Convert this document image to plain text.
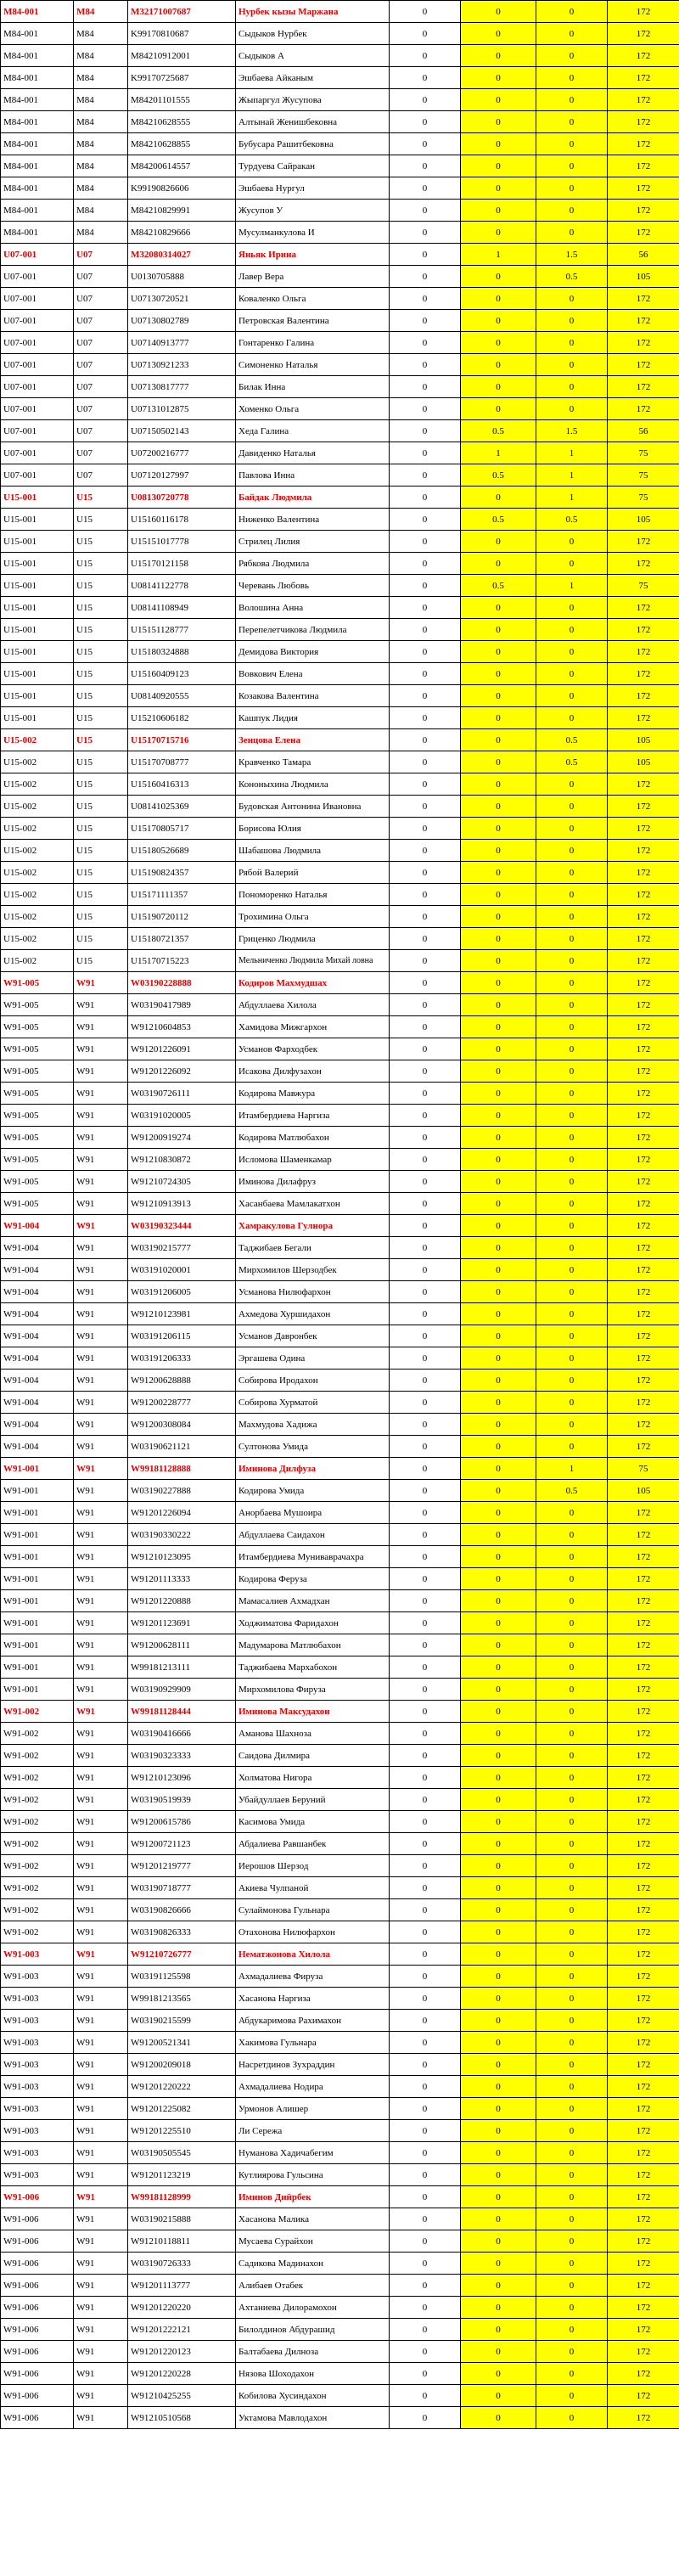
M84-001	M84	M32171007687	Нурбек кызы Маржана	0	0	0	172
M84-001	M84	K99170810687	Сыдыков Нурбек	0	0	0	172
M84-001	M84	M84210912001	Сыдыков А	0	0	0	172
M84-001	M84	K99170725687	Эшбаева Айканым	0	0	0	172
M84-001	M84	M84201101555	Жыпаргул Жусупова	0	0	0	172
M84-001	M84	M84210628555	Алтынай Женишбековна	0	0	0	172
M84-001	M84	M84210628855	Бубусара Рашитбековна	0	0	0	172
M84-001	M84	M84200614557	Турдуева Сайракан	0	0	0	172
M84-001	M84	K99190826606	Эшбаева Нургул	0	0	0	172
M84-001	M84	M84210829991	Жусупов У	0	0	0	172
M84-001	M84	M84210829666	Мусулманкулова И	0	0	0	172
U07-001	U07	M32080314027	Яньяк Ирина	0	1	1.5	56
U07-001	U07	U0130705888	Лавер Вера	0	0	0.5	105
U07-001	U07	U07130720521	Коваленко Ольга	0	0	0	172
U07-001	U07	U07130802789	Петровская Валентина	0	0	0	172
U07-001	U07	U07140913777	Гонтаренко Галина	0	0	0	172
U07-001	U07	U07130921233	Симоненко Наталья	0	0	0	172
U07-001	U07	U07130817777	Билак Инна	0	0	0	172
U07-001	U07	U07131012875	Хоменко Ольга	0	0	0	172
U07-001	U07	U07150502143	Хеда Галина	0	0.5	1.5	56
U07-001	U07	U07200216777	Давиденко Наталья	0	1	1	75
U07-001	U07	U07120127997	Павлова Инна	0	0.5	1	75
U15-001	U15	U08130720778	Байдак Людмила	0	0	1	75
U15-001	U15	U15160116178	Ниженко Валентина	0	0.5	0.5	105
U15-001	U15	U15151017778	Стрилец Лилия	0	0	0	172
U15-001	U15	U15170121158	Рябкова Людмила	0	0	0	172
U15-001	U15	U08141122778	Черевань Любовь	0	0.5	1	75
U15-001	U15	U08141108949	Волошина Анна	0	0	0	172
U15-001	U15	U15151128777	Перепелетчикова Людмила	0	0	0	172
U15-001	U15	U15180324888	Демидова Виктория	0	0	0	172
U15-001	U15	U15160409123	Вовкович Елена	0	0	0	172
U15-001	U15	U08140920555	Козакова Валентина	0	0	0	172
U15-001	U15	U15210606182	Кашпук Лидия	0	0	0	172
U15-002	U15	U15170715716	Зенцова Елена	0	0	0.5	105
U15-002	U15	U15170708777	Кравченко Тамара	0	0	0.5	105
U15-002	U15	U15160416313	Кононыхина Людмила	0	0	0	172
U15-002	U15	U08141025369	Будовская Антонина Ивановна	0	0	0	172
U15-002	U15	U15170805717	Борисова Юлия	0	0	0	172
U15-002	U15	U15180526689	Шабашова Людмила	0	0	0	172
U15-002	U15	U15190824357	Рябой Валерий	0	0	0	172
U15-002	U15	U15171111357	Пономоренко Наталья	0	0	0	172
U15-002	U15	U15190720112	Трохимина Ольга	0	0	0	172
U15-002	U15	U15180721357	Гриценко Людмила	0	0	0	172
U15-002	U15	U15170715223	Мельниченко Людмила Михай ловна	0	0	0	172
W91-005	W91	W03190228888	Кодиров Махмудшах	0	0	0	172
W91-005	W91	W03190417989	Абдуллаева Хилола	0	0	0	172
W91-005	W91	W91210604853	Хамидова Мижгархон	0	0	0	172
W91-005	W91	W91201226091	Усманов Фарходбек	0	0	0	172
W91-005	W91	W91201226092	Исакова Дилфузахон	0	0	0	172
W91-005	W91	W03190726111	Кодирова Мавжура	0	0	0	172
W91-005	W91	W03191020005	Итамбердиева Наргиза	0	0	0	172
W91-005	W91	W91200919274	Кодирова Матлюбахон	0	0	0	172
W91-005	W91	W91210830872	Исломова Шаменкамар	0	0	0	172
W91-005	W91	W91210724305	Иминова Дилафруз	0	0	0	172
W91-005	W91	W91210913913	Хасанбаева Мамлакатхон	0	0	0	172
W91-004	W91	W03190323444	Хамракулова Гулнора	0	0	0	172
W91-004	W91	W03190215777	Таджибаев Бегали	0	0	0	172
W91-004	W91	W03191020001	Мирхомилов Шерзодбек	0	0	0	172
W91-004	W91	W03191206005	Усманова Нилюфархон	0	0	0	172
W91-004	W91	W91210123981	Ахмедова Хуршидахон	0	0	0	172
W91-004	W91	W03191206115	Усманов Давронбек	0	0	0	172
W91-004	W91	W03191206333	Эргашева Одина	0	0	0	172
W91-004	W91	W91200628888	Собирова Иродахон	0	0	0	172
W91-004	W91	W91200228777	Собирова Хурматой	0	0	0	172
W91-004	W91	W91200308084	Махмудова Хадижа	0	0	0	172
W91-004	W91	W03190621121	Султонова Умида	0	0	0	172
W91-001	W91	W99181128888	Иминова Дилфуза	0	0	1	75
W91-001	W91	W03190227888	Кодирова Умида	0	0	0.5	105
W91-001	W91	W91201226094	Анорбаева Мушоира	0	0	0	172
W91-001	W91	W03190330222	Абдуллаева Саидахон	0	0	0	172
W91-001	W91	W91210123095	Итамбердиева Муниваврачахра	0	0	0	172
W91-001	W91	W91201113333	Кодирова Феруза	0	0	0	172
W91-001	W91	W91201220888	Мамасалиев Ахмадхан	0	0	0	172
W91-001	W91	W91201123691	Ходжиматова Фаридахон	0	0	0	172
W91-001	W91	W91200628111	Мадумарова Матлюбахон	0	0	0	172
W91-001	W91	W99181213111	Таджибаева Мархабохон	0	0	0	172
W91-001	W91	W03190929909	Мирхомилова Фируза	0	0	0	172
W91-002	W91	W99181128444	Иминова Максудахон	0	0	0	172
W91-002	W91	W03190416666	Аманова Шахноза	0	0	0	172
W91-002	W91	W03190323333	Саидова Дилмира	0	0	0	172
W91-002	W91	W91210123096	Холматова Нигора	0	0	0	172
W91-002	W91	W03190519939	Убайдуллаев Беруний	0	0	0	172
W91-002	W91	W91200615786	Касимова Умида	0	0	0	172
W91-002	W91	W91200721123	Абдалиева Равшанбек	0	0	0	172
W91-002	W91	W91201219777	Иерошов Шерзод	0	0	0	172
W91-002	W91	W03190718777	Акиева Чулпаной	0	0	0	172
W91-002	W91	W03190826666	Сулаймонова Гульнара	0	0	0	172
W91-002	W91	W03190826333	Отахонова Нилюфархон	0	0	0	172
W91-003	W91	W91210726777	Нематжонова Хилола	0	0	0	172
W91-003	W91	W03191125598	Ахмадалиева Фируза	0	0	0	172
W91-003	W91	W99181213565	Хасанова Наргиза	0	0	0	172
W91-003	W91	W03190215599	Абдукаримова Рахимахон	0	0	0	172
W91-003	W91	W91200521341	Хакимова Гульнара	0	0	0	172
W91-003	W91	W91200209018	Насретдинов Зухраддин	0	0	0	172
W91-003	W91	W91201220222	Ахмадалиева Нодира	0	0	0	172
W91-003	W91	W91201225082	Урмонов Алишер	0	0	0	172
W91-003	W91	W91201225510	Ли Сережа	0	0	0	172
W91-003	W91	W03190505545	Нуманова Хадичабегим	0	0	0	172
W91-003	W91	W91201123219	Кутлиярова Гульсина	0	0	0	172
W91-006	W91	W99181128999	Иминов Дийрбек	0	0	0	172
W91-006	W91	W03190215888	Хасанова Малика	0	0	0	172
W91-006	W91	W91210118811	Мусаева Сурайхон	0	0	0	172
W91-006	W91	W03190726333	Садикова Мадинахон	0	0	0	172
W91-006	W91	W91201113777	Алибаев Отабек	0	0	0	172
W91-006	W91	W91201220220	Ахтаниева Дилорамохон	0	0	0	172
W91-006	W91	W91201222121	Билолдинов Абдурашид	0	0	0	172
W91-006	W91	W91201220123	Балтабаева Дилноза	0	0	0	172
W91-006	W91	W91201220228	Нязова Шоходахон	0	0	0	172
W91-006	W91	W91210425255	Кобилова Хусиндахон	0	0	0	172
W91-006	W91	W91210510568	Уктамова Мавлодахон	0	0	0	172
